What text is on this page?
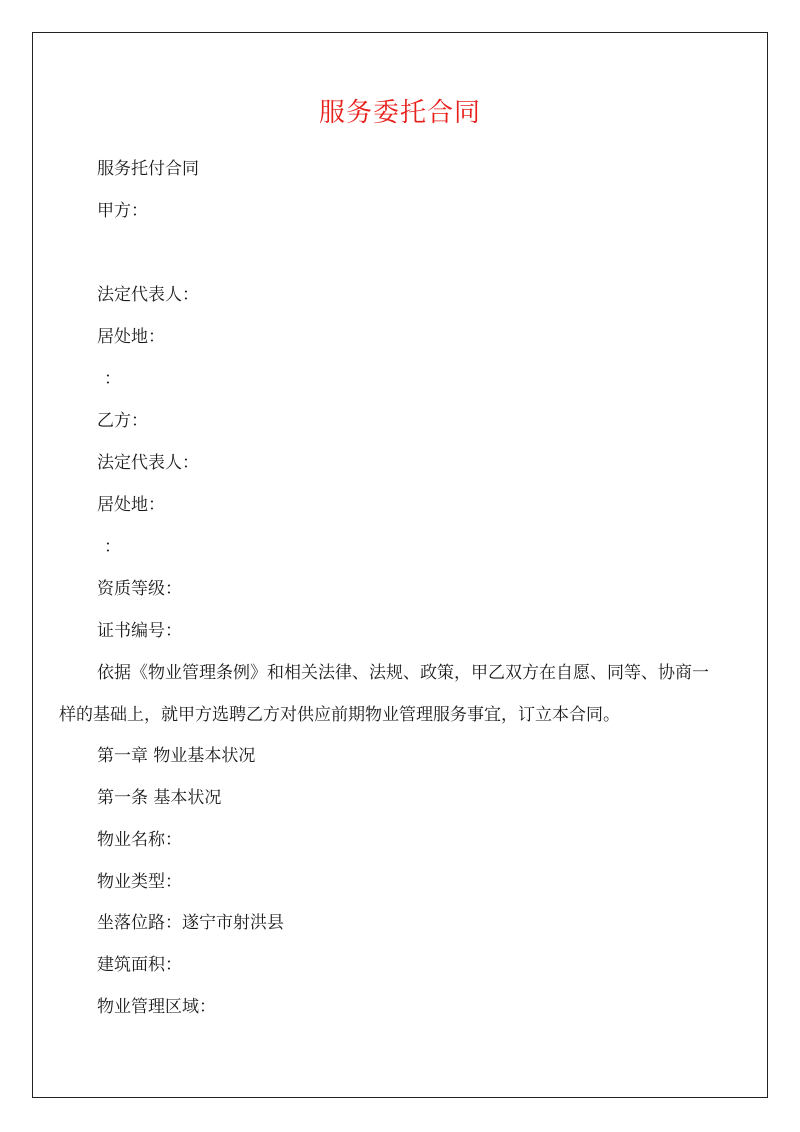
服务委托合同
服务托付合同
甲方：
法定代表人：
居处地：
：
乙方：
法定代表人：
居处地：
：
资质等级：
证书编号：
依据《物业管理条例》和相关法律、法规、政策，甲乙双方在自愿、同等、协商一
样的基础上，就甲方选聘乙方对供应前期物业管理服务事宜，订立本合同。
第一章 物业基本状况
第一条 基本状况
物业名称：
物业类型：
坐落位路：遂宁市射洪县
建筑面积：
物业管理区域：
